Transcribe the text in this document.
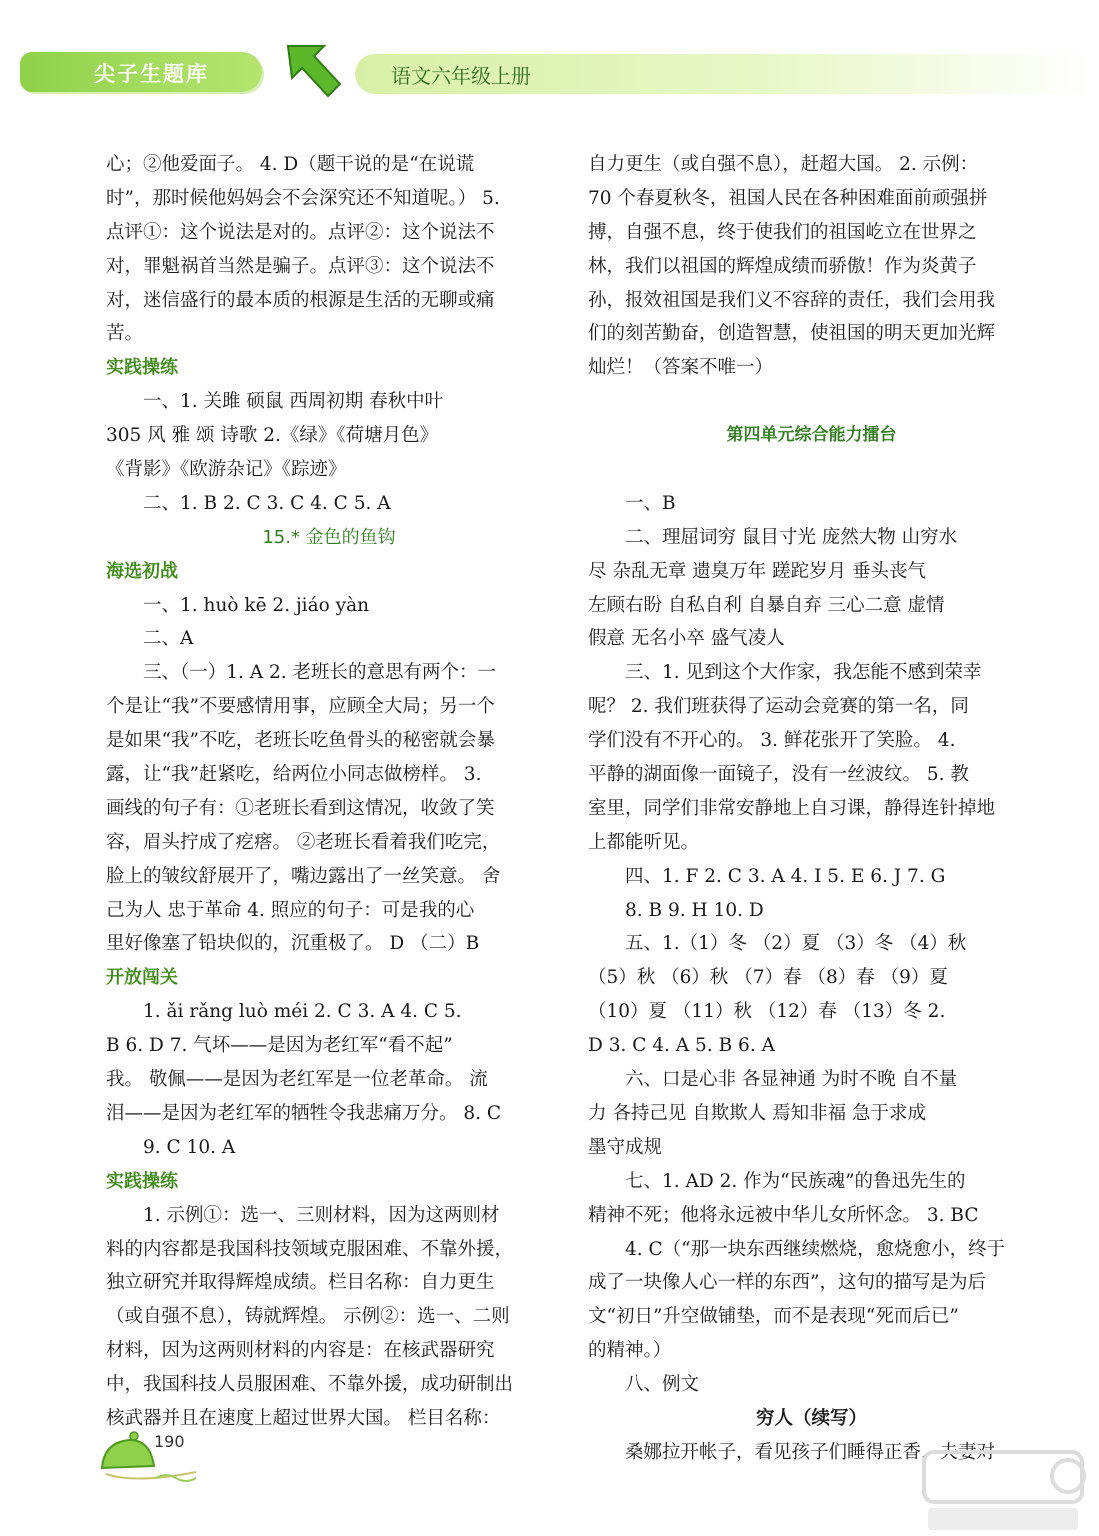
尖子生题库	语文六年级上册
心；②他爱面子。 4. D（题干说的是“在说谎
时”，那时候他妈妈会不会深究还不知道呢。） 5.
点评①：这个说法是对的。点评②：这个说法不
对，罪魁祸首当然是骗子。点评③：这个说法不
对，迷信盛行的最本质的根源是生活的无聊或痛
苦。
实践操练
一、1. 关雎 硕鼠 西周初期 春秋中叶
305 风 雅 颂 诗歌 2.《绿》《荷塘月色》
《背影》《欧游杂记》《踪迹》
二、1. B 2. C 3. C 4. C 5. A
15.* 金色的鱼钩
海选初战
一、1. huò kē 2. jiáo yàn
二、A
三、（一）1. A 2. 老班长的意思有两个：一
个是让“我”不要感情用事，应顾全大局；另一个
是如果“我”不吃，老班长吃鱼骨头的秘密就会暴
露，让“我”赶紧吃，给两位小同志做榜样。 3.
画线的句子有：①老班长看到这情况，收敛了笑
容，眉头拧成了疙瘩。 ②老班长看着我们吃完，
脸上的皱纹舒展开了，嘴边露出了一丝笑意。 舍
己为人 忠于革命 4. 照应的句子：可是我的心
里好像塞了铅块似的，沉重极了。 D （二）B
开放闯关
1. ǎi rǎng luò méi 2. C 3. A 4. C 5.
B 6. D 7. 气坏——是因为老红军“看不起”
我。 敬佩——是因为老红军是一位老革命。 流
泪——是因为老红军的牺牲令我悲痛万分。 8. C
9. C 10. A
实践操练
1. 示例①：选一、三则材料，因为这两则材
料的内容都是我国科技领域克服困难、不靠外援，
独立研究并取得辉煌成绩。栏目名称：自力更生
（或自强不息），铸就辉煌。 示例②：选一、二则
材料，因为这两则材料的内容是：在核武器研究
中，我国科技人员服困难、不靠外援，成功研制出
核武器并且在速度上超过世界大国。 栏目名称：
自力更生（或自强不息），赶超大国。 2. 示例：
70 个春夏秋冬，祖国人民在各种困难面前顽强拼
搏，自强不息，终于使我们的祖国屹立在世界之
林，我们以祖国的辉煌成绩而骄傲！作为炎黄子
孙，报效祖国是我们义不容辞的责任，我们会用我
们的刻苦勤奋，创造智慧，使祖国的明天更加光辉
灿烂！（答案不唯一）
第四单元综合能力擂台
一、B
二、理屈词穷 鼠目寸光 庞然大物 山穷水
尽 杂乱无章 遗臭万年 蹉跎岁月 垂头丧气
左顾右盼 自私自利 自暴自弃 三心二意 虚情
假意 无名小卒 盛气凌人
三、1. 见到这个大作家，我怎能不感到荣幸
呢？ 2. 我们班获得了运动会竞赛的第一名，同
学们没有不开心的。 3. 鲜花张开了笑脸。 4.
平静的湖面像一面镜子，没有一丝波纹。 5. 教
室里，同学们非常安静地上自习课，静得连针掉地
上都能听见。
四、1. F 2. C 3. A 4. I 5. E 6. J 7. G
8. B 9. H 10. D
五、1.（1）冬 （2）夏 （3）冬 （4）秋
（5）秋 （6）秋 （7）春 （8）春 （9）夏
（10）夏 （11）秋 （12）春 （13）冬 2.
D 3. C 4. A 5. B 6. A
六、口是心非 各显神通 为时不晚 自不量
力 各持己见 自欺欺人 焉知非福 急于求成
墨守成规
七、1. AD 2. 作为“民族魂”的鲁迅先生的
精神不死；他将永远被中华儿女所怀念。 3. BC
4. C（“那一块东西继续燃烧，愈烧愈小，终于
成了一块像人心一样的东西”，这句的描写是为后
文“初日”升空做铺垫，而不是表现“死而后已”
的精神。）
八、例文
穷人（续写）
桑娜拉开帐子，看见孩子们睡得正香，夫妻对
190
